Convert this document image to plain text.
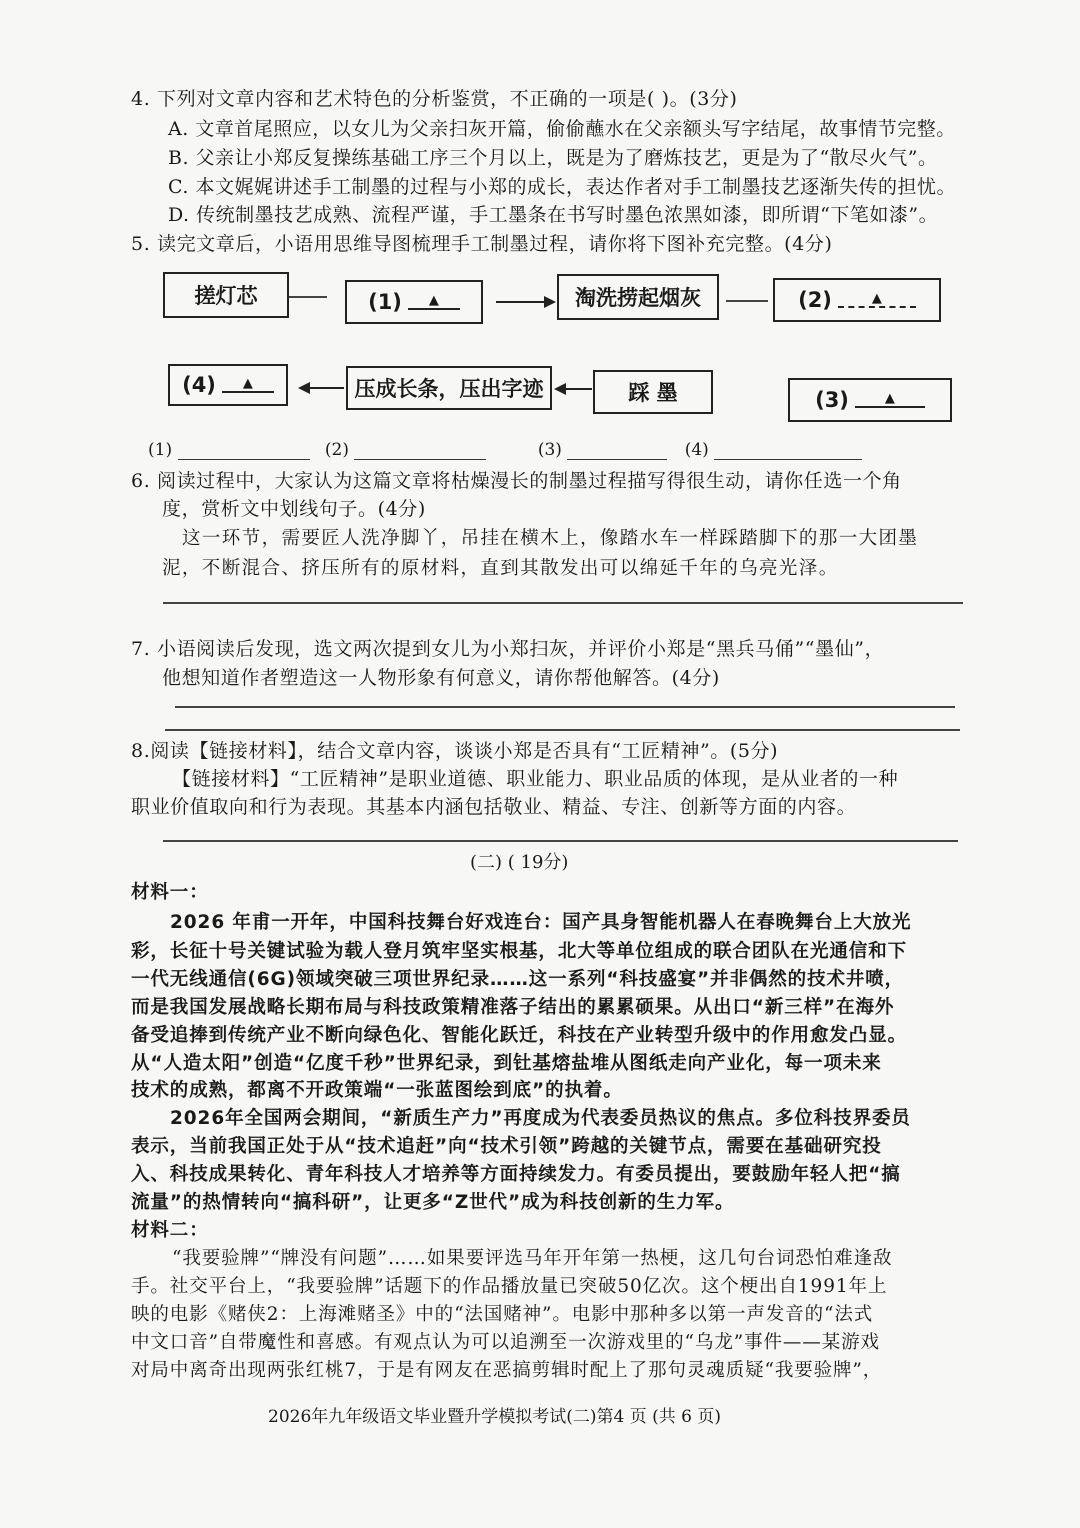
4. 下列对文章内容和艺术特色的分析鉴赏，不正确的一项是( )。(3分)
A. 文章首尾照应，以女儿为父亲扫灰开篇，偷偷蘸水在父亲额头写字结尾，故事情节完整。
B. 父亲让小郑反复操练基础工序三个月以上，既是为了磨炼技艺，更是为了“散尽火气”。
C. 本文娓娓讲述手工制墨的过程与小郑的成长，表达作者对手工制墨技艺逐渐失传的担忧。
D. 传统制墨技艺成熟、流程严谨，手工墨条在书写时墨色浓黑如漆，即所谓“下笔如漆”。
5. 读完文章后，小语用思维导图梳理手工制墨过程，请你将下图补充完整。(4分)
搓灯芯	(1)	▲	淘洗捞起烟灰	(2)	▲
(4)	▲	压成长条，压出字迹	踩 墨	(3)	▲
(1)	(2)	(3)	(4)
6. 阅读过程中，大家认为这篇文章将枯燥漫长的制墨过程描写得很生动，请你任选一个角
度，赏析文中划线句子。(4分)
这一环节，需要匠人洗净脚丫，吊挂在横木上，像踏水车一样踩踏脚下的那一大团墨
泥，不断混合、挤压所有的原材料，直到其散发出可以绵延千年的乌亮光泽。
7. 小语阅读后发现，选文两次提到女儿为小郑扫灰，并评价小郑是“黑兵马俑”“墨仙”，
他想知道作者塑造这一人物形象有何意义，请你帮他解答。(4分)
8.阅读【链接材料】，结合文章内容，谈谈小郑是否具有“工匠精神”。(5分)
【链接材料】“工匠精神”是职业道德、职业能力、职业品质的体现，是从业者的一种
职业价值取向和行为表现。其基本内涵包括敬业、精益、专注、创新等方面的内容。
(二) ( 19分)
材料一：
2026 年甫一开年，中国科技舞台好戏连台：国产具身智能机器人在春晚舞台上大放光
彩，长征十号关键试验为载人登月筑牢坚实根基，北大等单位组成的联合团队在光通信和下
一代无线通信(6G)领域突破三项世界纪录……这一系列“科技盛宴”并非偶然的技术井喷，
而是我国发展战略长期布局与科技政策精准落子结出的累累硕果。从出口“新三样”在海外
备受追捧到传统产业不断向绿色化、智能化跃迁，科技在产业转型升级中的作用愈发凸显。
从“人造太阳”创造“亿度千秒”世界纪录，到钍基熔盐堆从图纸走向产业化，每一项未来
技术的成熟，都离不开政策端“一张蓝图绘到底”的执着。
2026年全国两会期间，“新质生产力”再度成为代表委员热议的焦点。多位科技界委员
表示，当前我国正处于从“技术追赶”向“技术引领”跨越的关键节点，需要在基础研究投
入、科技成果转化、青年科技人才培养等方面持续发力。有委员提出，要鼓励年轻人把“搞
流量”的热情转向“搞科研”，让更多“Z世代”成为科技创新的生力军。
材料二：
“我要验牌”“牌没有问题”……如果要评选马年开年第一热梗，这几句台词恐怕难逢敌
手。社交平台上，“我要验牌”话题下的作品播放量已突破50亿次。这个梗出自1991年上
映的电影《赌侠2：上海滩赌圣》中的“法国赌神”。电影中那种多以第一声发音的“法式
中文口音”自带魔性和喜感。有观点认为可以追溯至一次游戏里的“乌龙”事件——某游戏
对局中离奇出现两张红桃7，于是有网友在恶搞剪辑时配上了那句灵魂质疑“我要验牌”，
2026年九年级语文毕业暨升学模拟考试(二)第4 页 (共 6 页)
